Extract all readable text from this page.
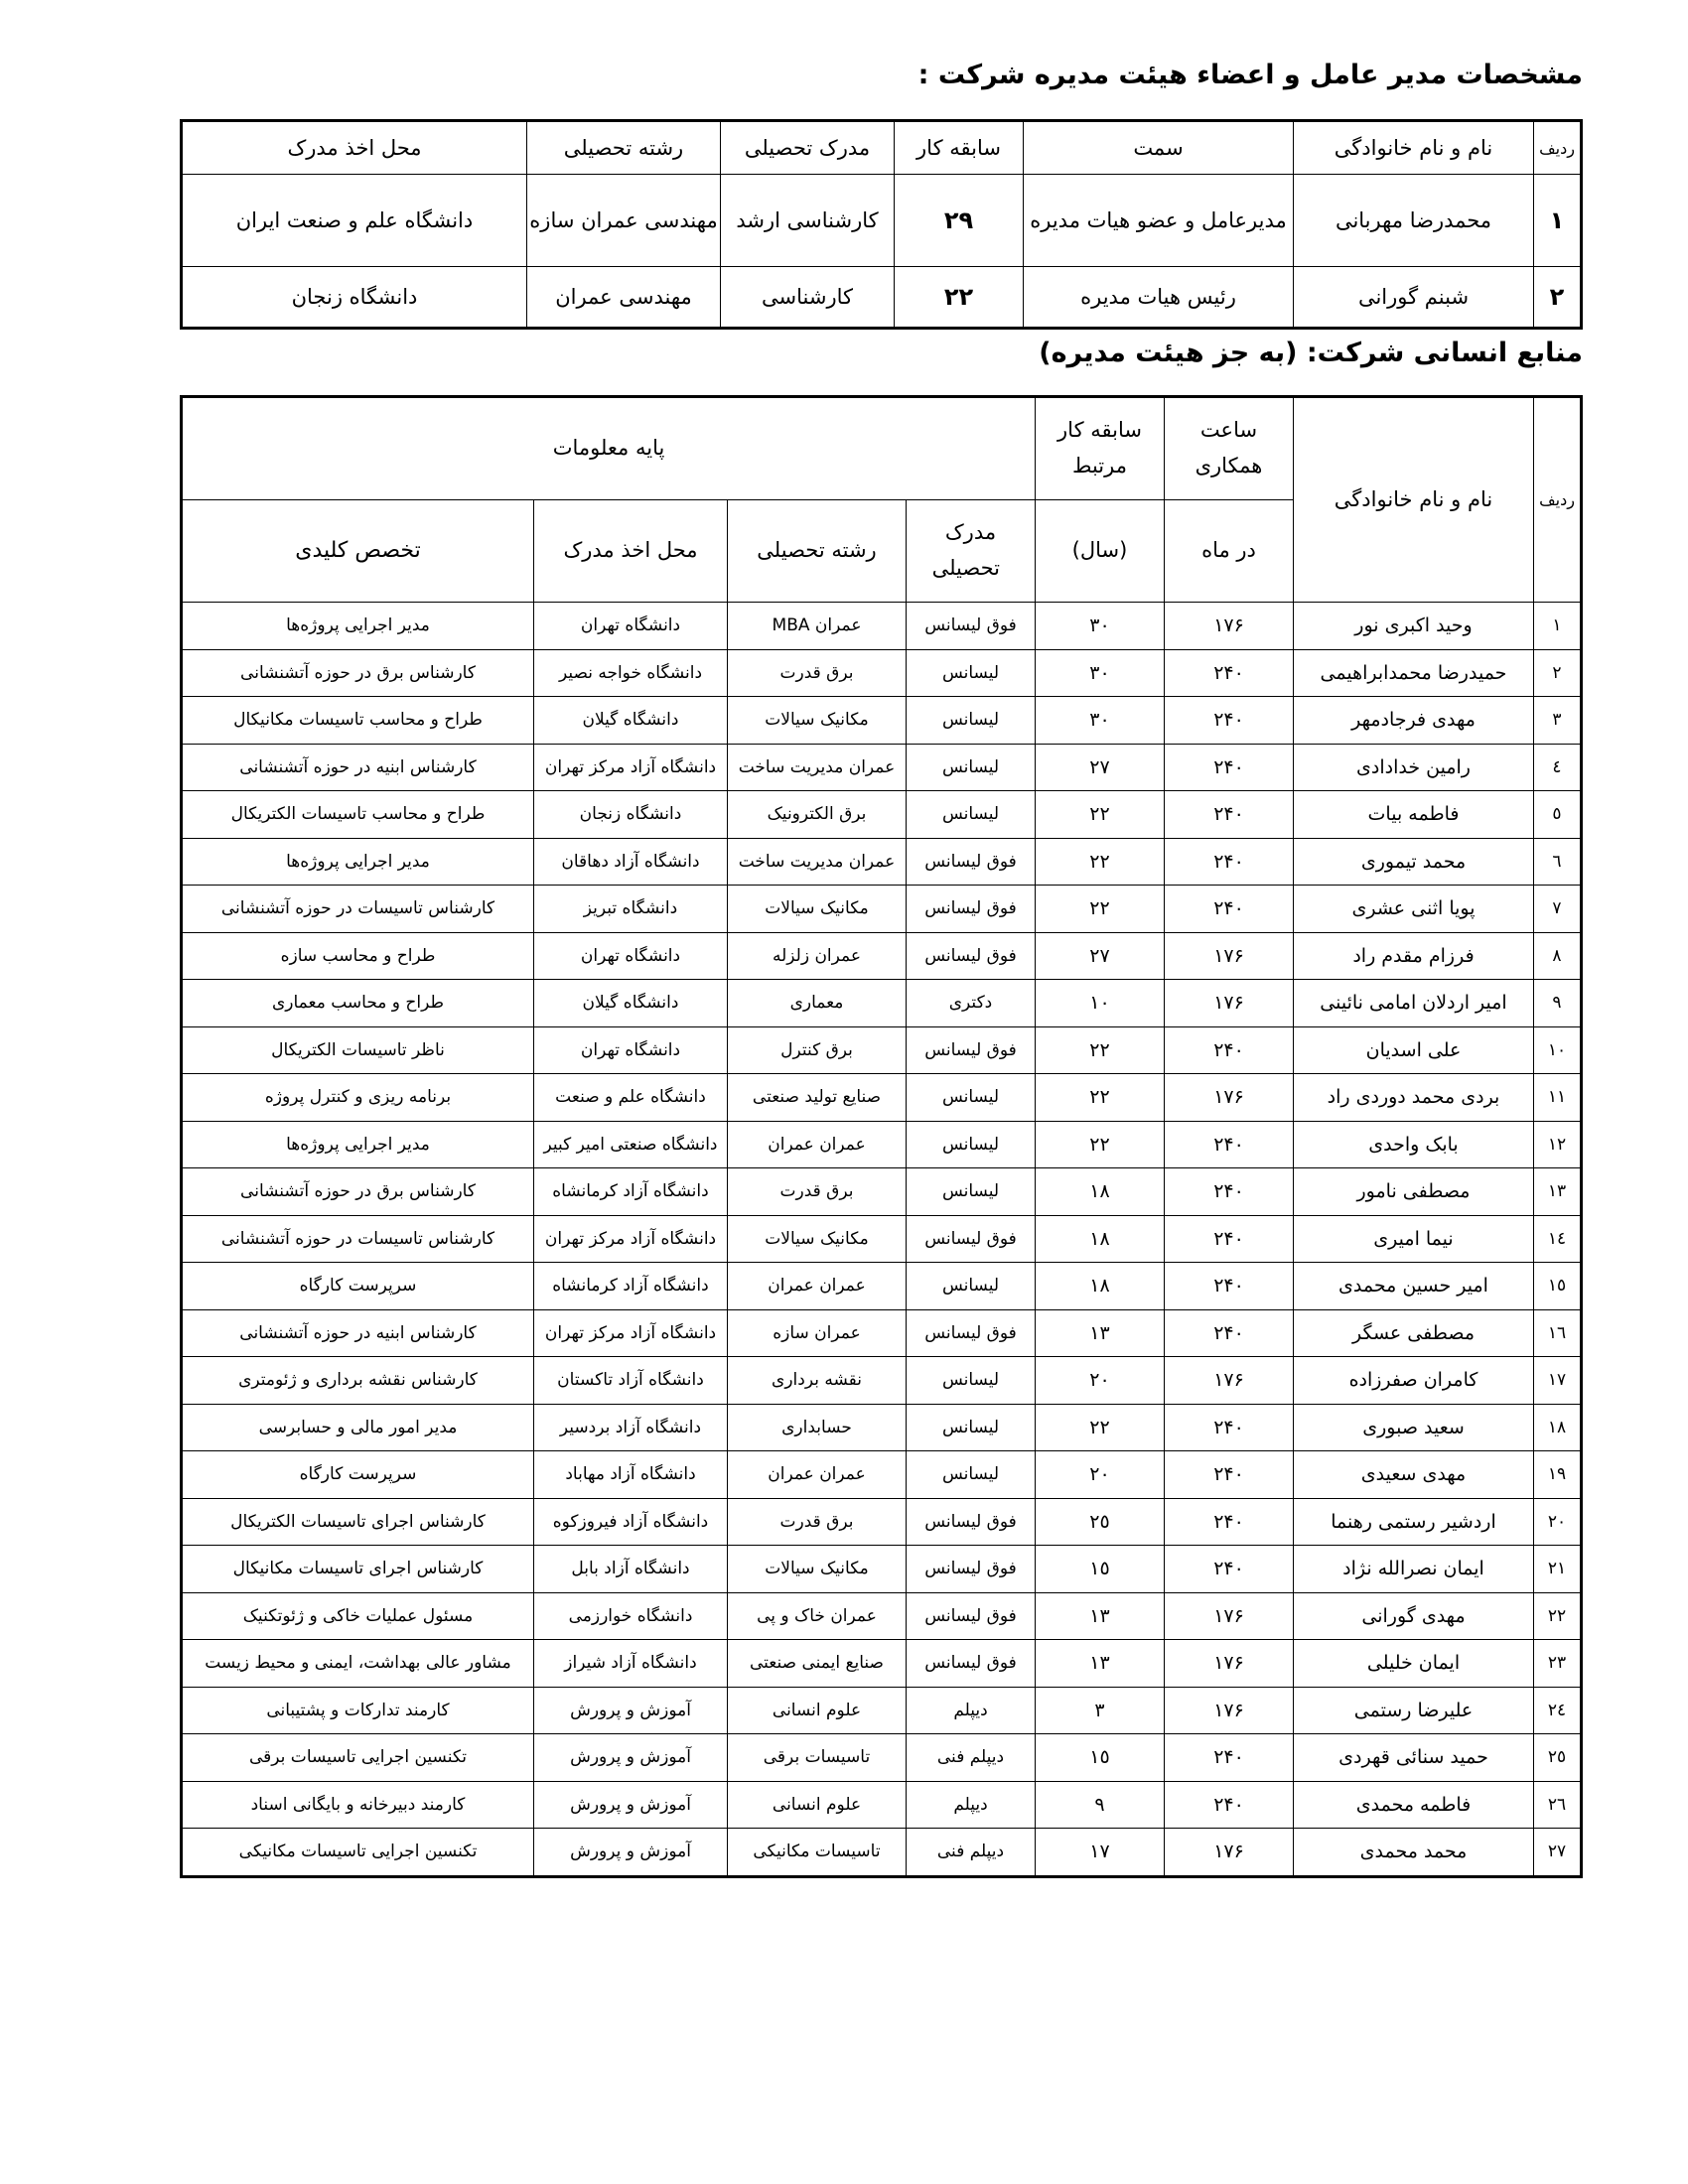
مشخصات مدیر عامل و اعضاء هیئت مدیره شرکت :
ردیف	نام و نام خانوادگی	سمت	سابقه کار	مدرک تحصیلی	رشته تحصیلی	محل اخذ مدرک
۱	محمدرضا مهربانی	مدیرعامل و عضو هیات مدیره	۲۹	کارشناسی ارشد	مهندسی عمران سازه	دانشگاه علم و صنعت ایران
۲	شبنم گورانی	رئیس هیات مدیره	۲۲	کارشناسی	مهندسی عمران	دانشگاه زنجان
منابع انسانی شرکت: (به جز هیئت مدیره)
ردیف	نام و نام خانوادگی	ساعت همکاری	سابقه کار مرتبط	پایه معلومات			
		در ماه	(سال)	مدرک تحصیلی	رشته تحصیلی	محل اخذ مدرک	تخصص کلیدی
۱	وحید اکبری نور	۱۷۶	۳۰	فوق لیسانس	عمران MBA	دانشگاه تهران	مدیر اجرایی پروژه‌ها
۲	حمیدرضا محمدابراهیمی	۲۴۰	۳۰	لیسانس	برق قدرت	دانشگاه خواجه نصیر	کارشناس برق در حوزه آتشنشانی
۳	مهدی فرجادمهر	۲۴۰	۳۰	لیسانس	مکانیک سیالات	دانشگاه گیلان	طراح و محاسب تاسیسات مکانیکال
٤	رامین خدادادی	۲۴۰	۲۷	لیسانس	عمران مدیریت ساخت	دانشگاه آزاد مرکز تهران	کارشناس ابنیه در حوزه آتشنشانی
٥	فاطمه بیات	۲۴۰	۲۲	لیسانس	برق الکترونیک	دانشگاه زنجان	طراح و محاسب تاسیسات الکتریکال
٦	محمد تیموری	۲۴۰	۲۲	فوق لیسانس	عمران مدیریت ساخت	دانشگاه آزاد دهاقان	مدیر اجرایی پروژه‌ها
۷	پویا اثنی عشری	۲۴۰	۲۲	فوق لیسانس	مکانیک سیالات	دانشگاه تبریز	کارشناس تاسیسات در حوزه آتشنشانی
۸	فرزام مقدم راد	۱۷۶	۲۷	فوق لیسانس	عمران زلزله	دانشگاه تهران	طراح و محاسب سازه
۹	امیر اردلان امامی نائینی	۱۷۶	۱۰	دکتری	معماری	دانشگاه گیلان	طراح و محاسب معماری
۱۰	علی اسدیان	۲۴۰	۲۲	فوق لیسانس	برق کنترل	دانشگاه تهران	ناظر تاسیسات الکتریکال
۱۱	بردی محمد دوردی راد	۱۷۶	۲۲	لیسانس	صنایع تولید صنعتی	دانشگاه علم و صنعت	برنامه ریزی و کنترل پروژه
۱۲	بابک واحدی	۲۴۰	۲۲	لیسانس	عمران عمران	دانشگاه صنعتی امیر کبیر	مدیر اجرایی پروژه‌ها
۱۳	مصطفی نامور	۲۴۰	۱۸	لیسانس	برق قدرت	دانشگاه آزاد کرمانشاه	کارشناس برق در حوزه آتشنشانی
۱٤	نیما امیری	۲۴۰	۱۸	فوق لیسانس	مکانیک سیالات	دانشگاه آزاد مرکز تهران	کارشناس تاسیسات در حوزه آتشنشانی
۱٥	امیر حسین محمدی	۲۴۰	۱۸	لیسانس	عمران عمران	دانشگاه آزاد کرمانشاه	سرپرست کارگاه
۱٦	مصطفی عسگر	۲۴۰	۱۳	فوق لیسانس	عمران سازه	دانشگاه آزاد مرکز تهران	کارشناس ابنیه در حوزه آتشنشانی
۱۷	کامران صفرزاده	۱۷۶	۲۰	لیسانس	نقشه برداری	دانشگاه آزاد تاکستان	کارشناس نقشه برداری و ژئومتری
۱۸	سعید صبوری	۲۴۰	۲۲	لیسانس	حسابداری	دانشگاه آزاد بردسیر	مدیر امور مالی و حسابرسی
۱۹	مهدی سعیدی	۲۴۰	۲۰	لیسانس	عمران عمران	دانشگاه آزاد مهاباد	سرپرست کارگاه
۲۰	اردشیر رستمی رهنما	۲۴۰	۲٥	فوق لیسانس	برق قدرت	دانشگاه آزاد فیروزکوه	کارشناس اجرای تاسیسات الکتریکال
۲۱	ایمان نصرالله نژاد	۲۴۰	۱٥	فوق لیسانس	مکانیک سیالات	دانشگاه آزاد بابل	کارشناس اجرای تاسیسات مکانیکال
۲۲	مهدی گورانی	۱۷۶	۱۳	فوق لیسانس	عمران خاک و پی	دانشگاه خوارزمی	مسئول عملیات خاکی و ژئوتکنیک
۲۳	ایمان خلیلی	۱۷۶	۱۳	فوق لیسانس	صنایع ایمنی صنعتی	دانشگاه آزاد شیراز	مشاور عالی بهداشت، ایمنی و محیط زیست
۲٤	علیرضا رستمی	۱۷۶	۳	دیپلم	علوم انسانی	آموزش و پرورش	کارمند تدارکات و پشتیبانی
۲٥	حمید سنائی قهردی	۲۴۰	۱٥	دیپلم فنی	تاسیسات برقی	آموزش و پرورش	تکنسین اجرایی تاسیسات برقی
۲٦	فاطمه محمدی	۲۴۰	۹	دیپلم	علوم انسانی	آموزش و پرورش	کارمند دبیرخانه و بایگانی اسناد
۲۷	محمد محمدی	۱۷۶	۱۷	دیپلم فنی	تاسیسات مکانیکی	آموزش و پرورش	تکنسین اجرایی تاسیسات مکانیکی
